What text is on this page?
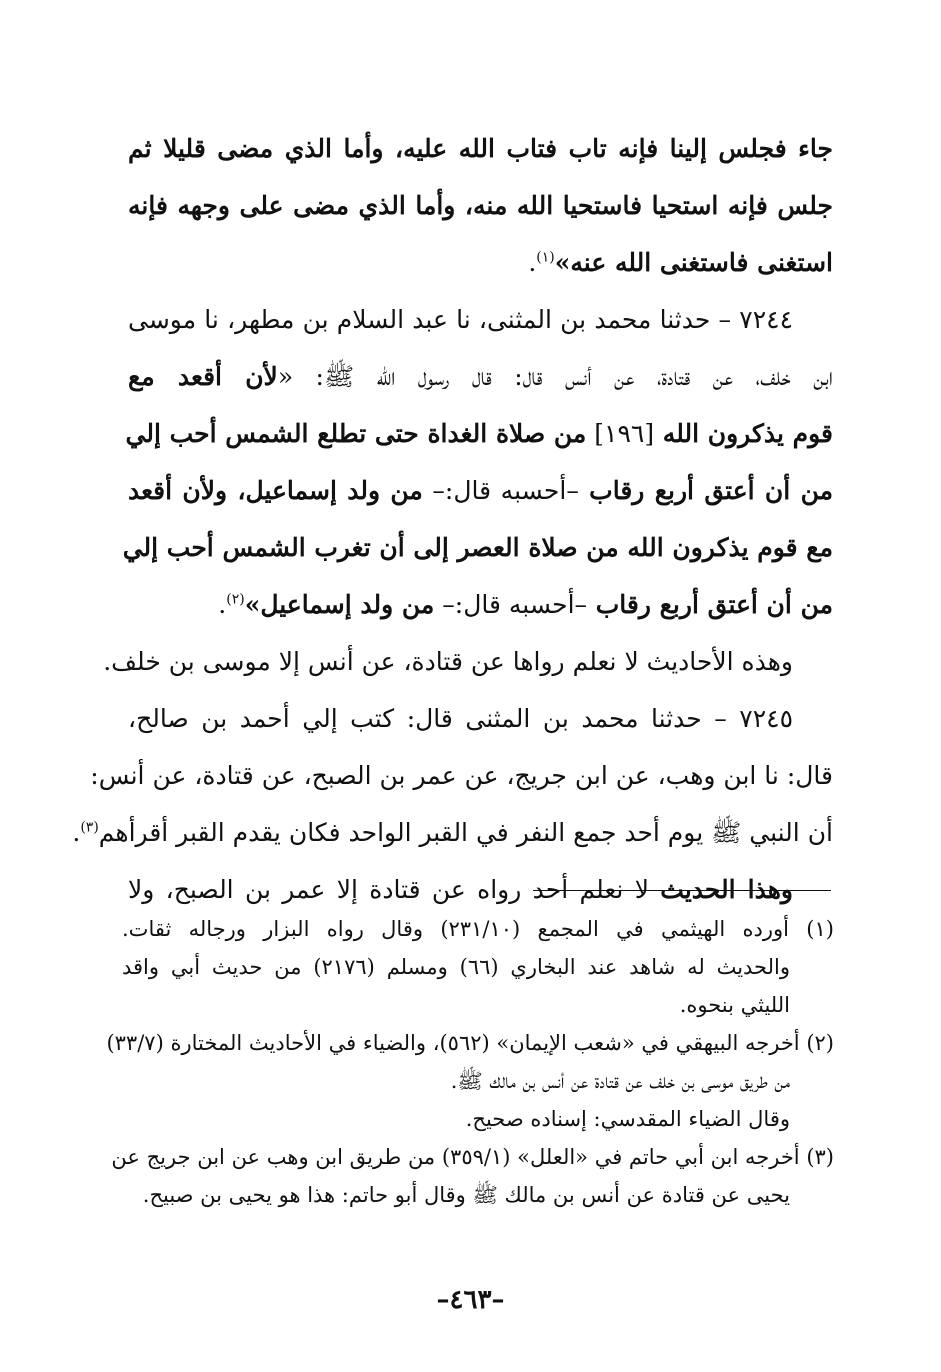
جاء فجلس إلينا فإنه تاب فتاب الله عليه، وأما الذي مضى قليلا ثم
جلس فإنه استحيا فاستحيا الله منه، وأما الذي مضى على وجهه فإنه
استغنى فاستغنى الله عنه»$^{(١)}$.
٧٢٤٤ – حدثنا محمد بن المثنى، نا عبد السلام بن مطهر، نا موسى
ابن خلف، عن قتادة، عن أنس قال: قال رسول الله ﷺ: «لأن أقعد مع
قوم يذكرون الله [١٩٦] من صلاة الغداة حتى تطلع الشمس أحب إلي
من أن أعتق أربع رقاب –أحسبه قال:– من ولد إسماعيل، ولأن أقعد
مع قوم يذكرون الله من صلاة العصر إلى أن تغرب الشمس أحب إلي
من أن أعتق أربع رقاب –أحسبه قال:– من ولد إسماعيل»$^{(٢)}$.
وهذه الأحاديث لا نعلم رواها عن قتادة، عن أنس إلا موسى بن خلف.
٧٢٤٥ – حدثنا محمد بن المثنى قال: كتب إلي أحمد بن صالح،
قال: نا ابن وهب، عن ابن جريج، عن عمر بن الصبح، عن قتادة، عن أنس:
أن النبي ﷺ يوم أحد جمع النفر في القبر الواحد فكان يقدم القبر أقرأهم$^{(٣)}$.
وهذا الحديث لا نعلم أحد رواه عن قتادة إلا عمر بن الصبح، ولا
(١) أورده الهيثمي في المجمع (٢٣١/١٠) وقال رواه البزار ورجاله ثقات.
والحديث له شاهد عند البخاري (٦٦) ومسلم (٢١٧٦) من حديث أبي واقد
الليثي بنحوه.
(٢) أخرجه البيهقي في «شعب الإيمان» (٥٦٢)، والضياء في الأحاديث المختارة (٣٣/٧)
من طريق موسى بن خلف عن قتادة عن أنس بن مالك ﷺ.
وقال الضياء المقدسي: إسناده صحيح.
(٣) أخرجه ابن أبي حاتم في «العلل» (٣٥٩/١) من طريق ابن وهب عن ابن جريج عن
يحيى عن قتادة عن أنس بن مالك ﷺ وقال أبو حاتم: هذا هو يحيى بن صبيح.
–٤٦٣–
